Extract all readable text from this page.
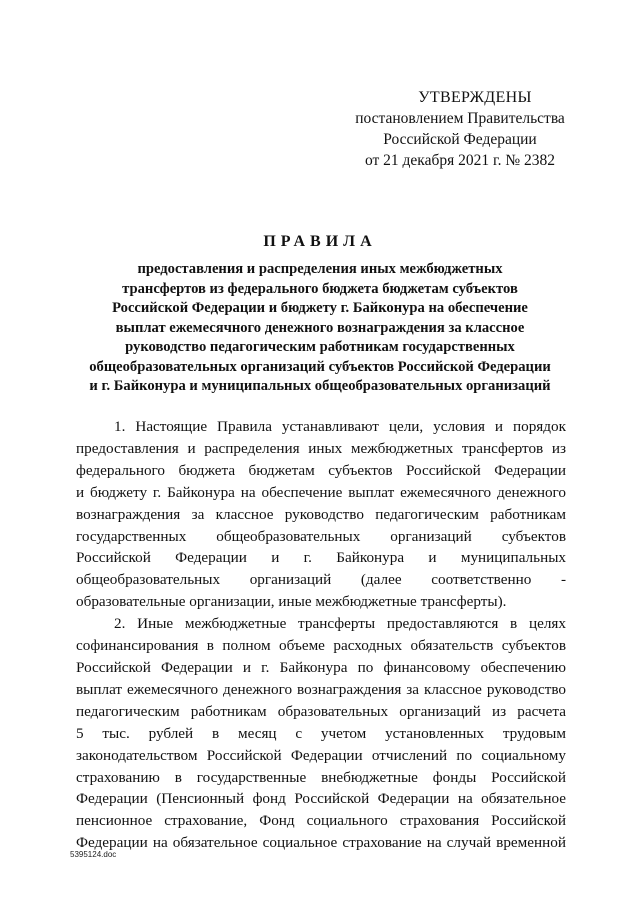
УТВЕРЖДЕНЫ
постановлением Правительства
Российской Федерации
от 21 декабря 2021 г. № 2382
ПРАВИЛА
предоставления и распределения иных межбюджетных
трансфертов из федерального бюджета бюджетам субъектов
Российской Федерации и бюджету г. Байконура на обеспечение
выплат ежемесячного денежного вознаграждения за классное
руководство педагогическим работникам государственных
общеобразовательных организаций субъектов Российской Федерации
и г. Байконура и муниципальных общеобразовательных организаций
1. Настоящие Правила устанавливают цели, условия и порядок
предоставления и распределения иных межбюджетных трансфертов из
федерального бюджета бюджетам субъектов Российской Федерации
и бюджету г. Байконура на обеспечение выплат ежемесячного денежного
вознаграждения за классное руководство педагогическим работникам
государственных общеобразовательных организаций субъектов
Российской Федерации и г. Байконура и муниципальных
общеобразовательных организаций (далее соответственно -
образовательные организации, иные межбюджетные трансферты).
2. Иные межбюджетные трансферты предоставляются в целях
софинансирования в полном объеме расходных обязательств субъектов
Российской Федерации и г. Байконура по финансовому обеспечению
выплат ежемесячного денежного вознаграждения за классное руководство
педагогическим работникам образовательных организаций из расчета
5 тыс. рублей в месяц с учетом установленных трудовым
законодательством Российской Федерации отчислений по социальному
страхованию в государственные внебюджетные фонды Российской
Федерации (Пенсионный фонд Российской Федерации на обязательное
пенсионное страхование, Фонд социального страхования Российской
Федерации на обязательное социальное страхование на случай временной
5395124.doc
